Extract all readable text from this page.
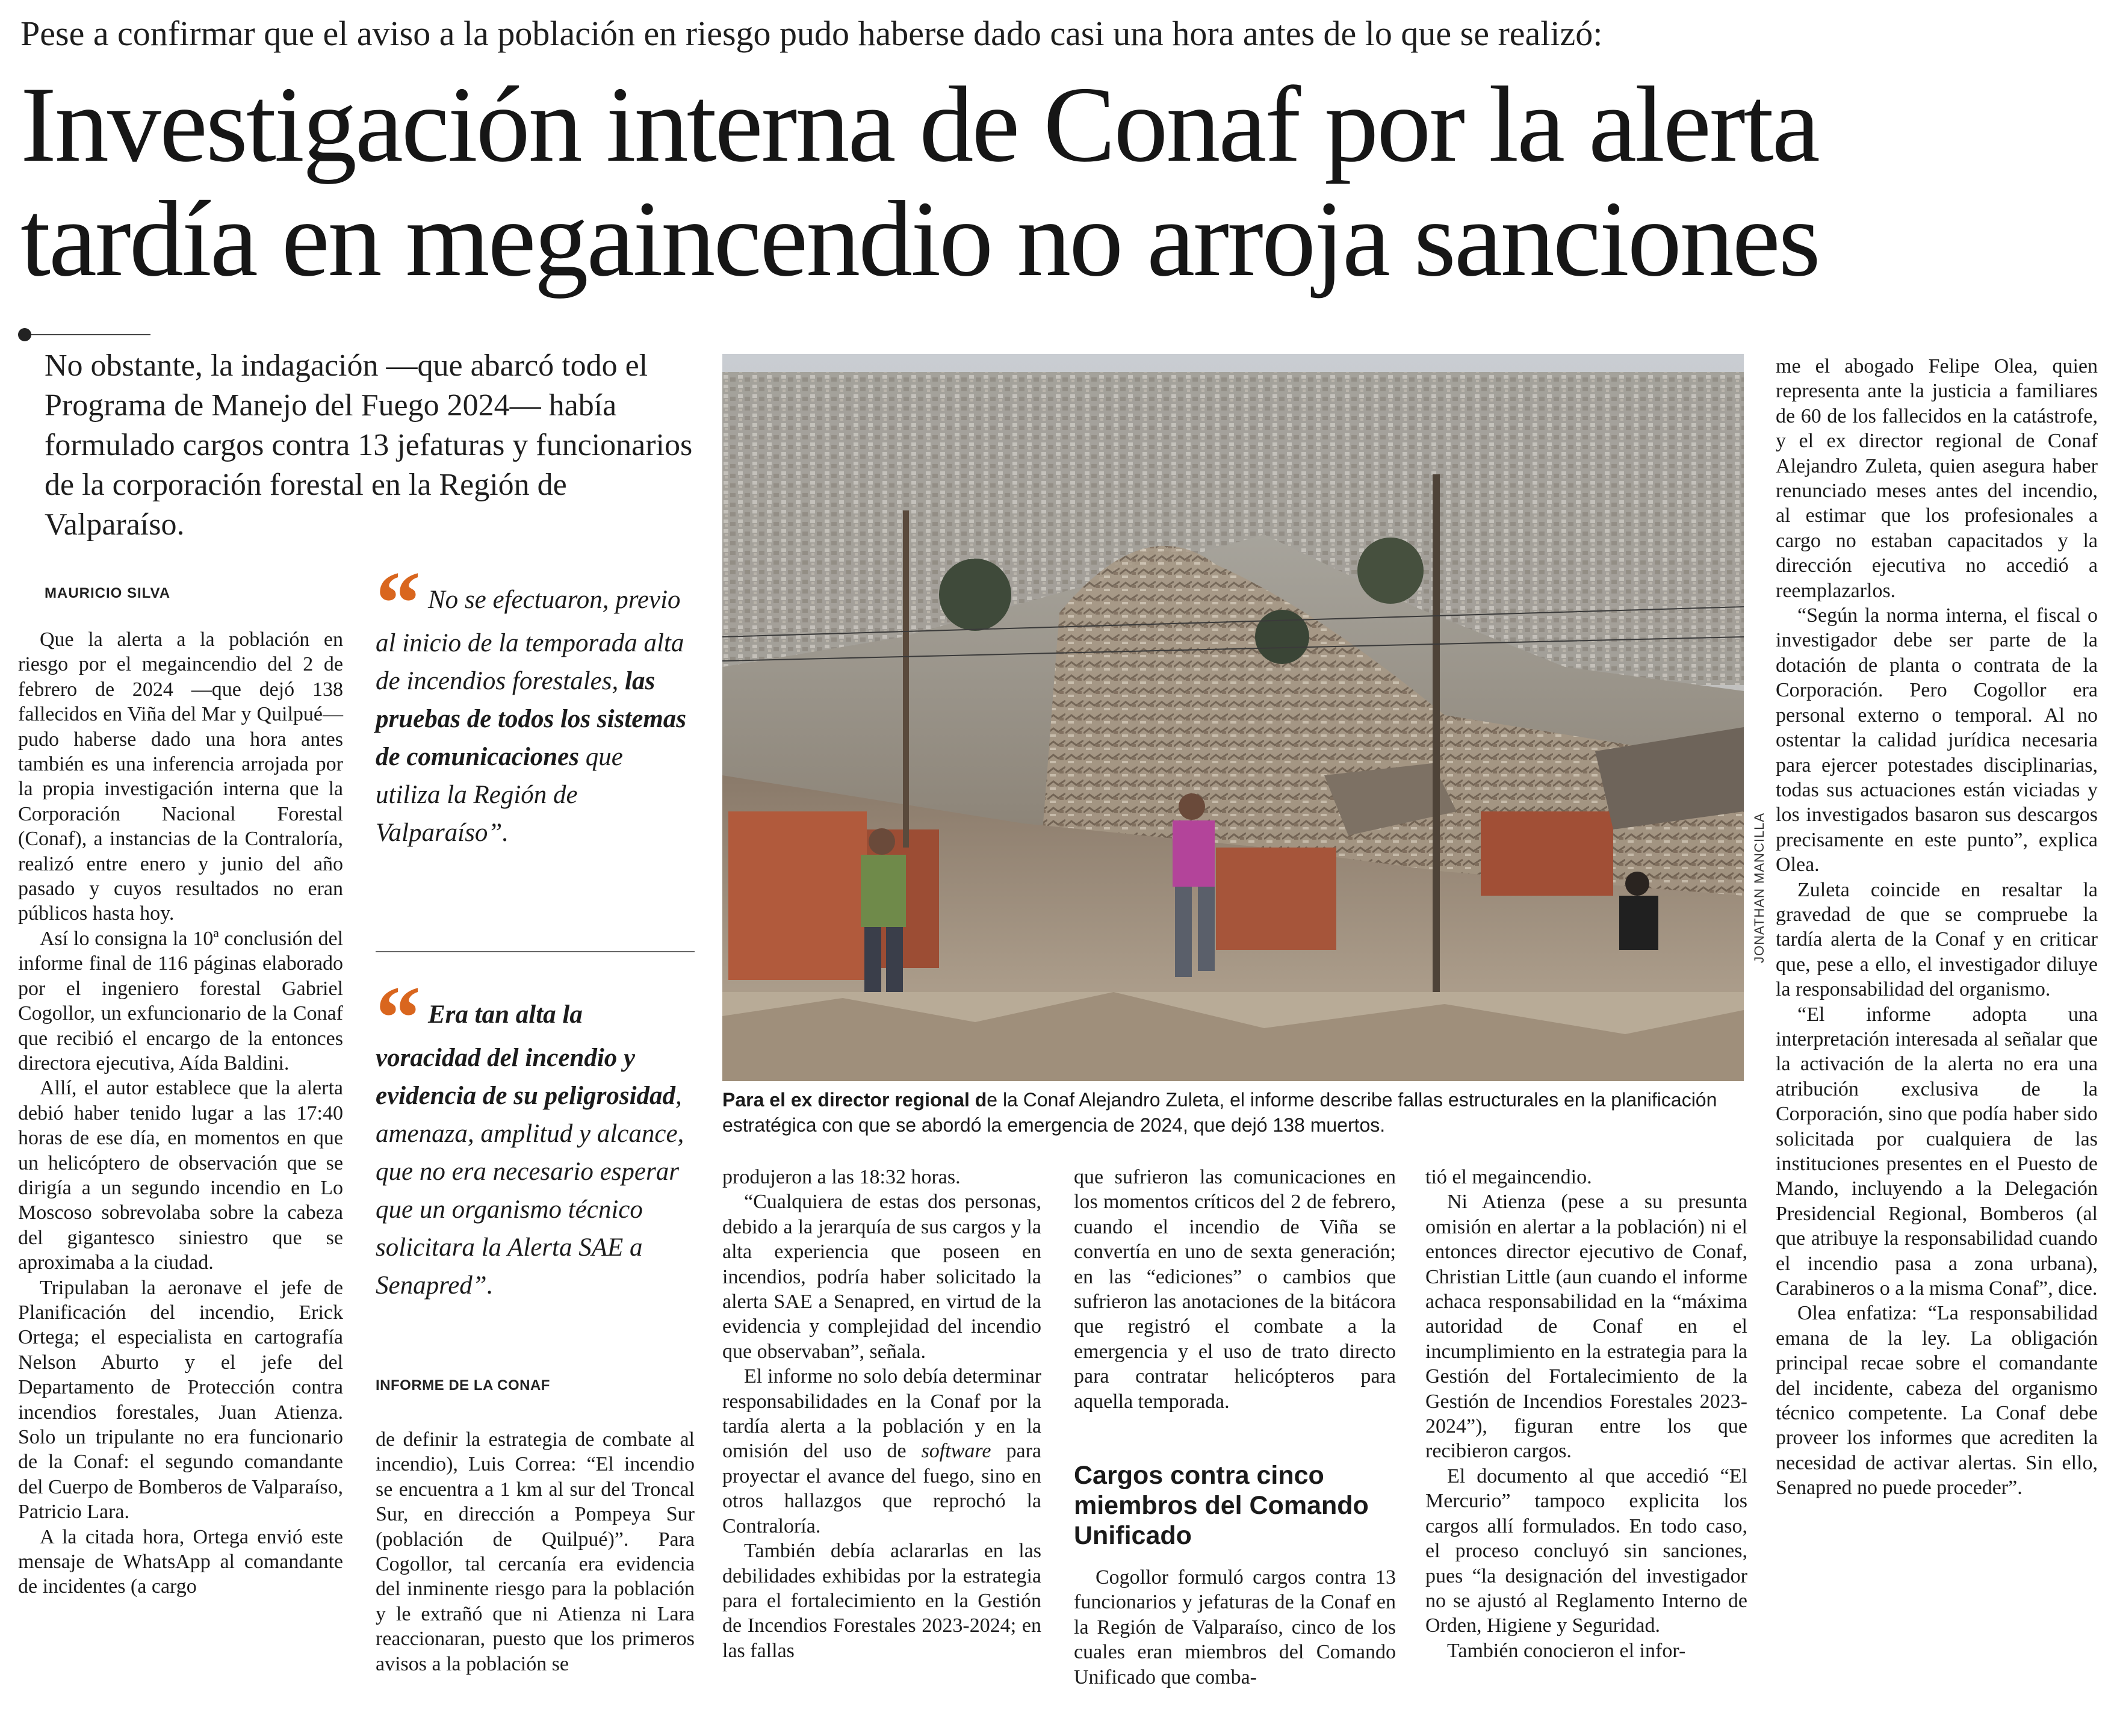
Pese a confirmar que el aviso a la población en riesgo pudo haberse dado casi una hora antes de lo que se realizó:
Investigación interna de Conaf por la alerta
tardía en megaincendio no arroja sanciones
No obstante, la indagación —que abarcó todo el Programa de Manejo del Fuego 2024— había formulado cargos contra 13 jefaturas y funcionarios de la corporación forestal en la Región de Valparaíso.
MAURICIO SILVA

Que la alerta a la población en riesgo por el megaincendio del 2 de febrero de 2024 —que dejó 138 fallecidos en Viña del Mar y Quilpué— pudo haberse dado una hora antes también es una inferencia arrojada por la propia investigación interna que la Corporación Nacional Forestal (Conaf), a instancias de la Contraloría, realizó entre enero y junio del año pasado y cuyos resultados no eran públicos hasta hoy.

Así lo consigna la 10ª conclusión del informe final de 116 páginas elaborado por el ingeniero forestal Gabriel Cogollor, un exfuncionario de la Conaf que recibió el encargo de la entonces directora ejecutiva, Aída Baldini.

Allí, el autor establece que la alerta debió haber tenido lugar a las 17:40 horas de ese día, en momentos en que un helicóptero de observación que se dirigía a un segundo incendio en Lo Moscoso sobrevolaba sobre la cabeza del gigantesco siniestro que se aproximaba a la ciudad.

Tripulaban la aeronave el jefe de Planificación del incendio, Erick Ortega; el especialista en cartografía Nelson Aburto y el jefe del Departamento de Protección contra incendios forestales, Juan Atienza. Solo un tripulante no era funcionario de la Conaf: el segundo comandante del Cuerpo de Bomberos de Valparaíso, Patricio Lara.

A la citada hora, Ortega envió este mensaje de WhatsApp al comandante de incidentes (a cargo

“ No se efectuaron, previo al inicio de la temporada alta de incendios forestales, las pruebas de todos los sistemas de comunicaciones que utiliza la Región de Valparaíso”.
“ Era tan alta la voracidad del incendio y evidencia de su peligrosidad, amenaza, amplitud y alcance, que no era necesario esperar que un organismo técnico solicitara la Alerta SAE a Senapred”.
INFORME DE LA CONAF

de definir la estrategia de combate al incendio), Luis Correa: “El incendio se encuentra a 1 km al sur del Troncal Sur, en dirección a Pompeya Sur (población de Quilpué)”. Para Cogollor, tal cercanía era evidencia del inminente riesgo para la población y le extrañó que ni Atienza ni Lara reaccionaran, puesto que los primeros avisos a la población se

JONATHAN MANCILLA
Para el ex director regional de la Conaf Alejandro Zuleta, el informe describe fallas estructurales en la planificación estratégica con que se abordó la emergencia de 2024, que dejó 138 muertos.

produjeron a las 18:32 horas.

“Cualquiera de estas dos personas, debido a la jerarquía de sus cargos y la alta experiencia que poseen en incendios, podría haber solicitado la alerta SAE a Senapred, en virtud de la evidencia y complejidad del incendio que observaban”, señala.

El informe no solo debía determinar responsabilidades en la Conaf por la tardía alerta a la población y en la omisión del uso de software para proyectar el avance del fuego, sino en otros hallazgos que reprochó la Contraloría.

También debía aclararlas en las debilidades exhibidas por la estrategia para el fortalecimiento en la Gestión de Incendios Forestales 2023-2024; en las fallas

que sufrieron las comunicaciones en los momentos críticos del 2 de febrero, cuando el incendio de Viña se convertía en uno de sexta generación; en las “ediciones” o cambios que sufrieron las anotaciones de la bitácora que registró el combate a la emergencia y el uso de trato directo para contratar helicópteros para aquella temporada.

Cargos contra cinco miembros del Comando Unificado

Cogollor formuló cargos contra 13 funcionarios y jefaturas de la Conaf en la Región de Valparaíso, cinco de los cuales eran miembros del Comando Unificado que comba-

tió el megaincendio.

Ni Atienza (pese a su presunta omisión en alertar a la población) ni el entonces director ejecutivo de Conaf, Christian Little (aun cuando el informe achaca responsabilidad en la “máxima autoridad de Conaf en el incumplimiento en la estrategia para la Gestión del Fortalecimiento de la Gestión de Incendios Forestales 2023-2024”), figuran entre los que recibieron cargos.

El documento al que accedió “El Mercurio” tampoco explicita los cargos allí formulados. En todo caso, el proceso concluyó sin sanciones, pues “la designación del investigador no se ajustó al Reglamento Interno de Orden, Higiene y Seguridad.

También conocieron el infor-

me el abogado Felipe Olea, quien representa ante la justicia a familiares de 60 de los fallecidos en la catástrofe, y el ex director regional de Conaf Alejandro Zuleta, quien asegura haber renunciado meses antes del incendio, al estimar que los profesionales a cargo no estaban capacitados y la dirección ejecutiva no accedió a reemplazarlos.

“Según la norma interna, el fiscal o investigador debe ser parte de la dotación de planta o contrata de la Corporación. Pero Cogollor era personal externo o temporal. Al no ostentar la calidad jurídica necesaria para ejercer potestades disciplinarias, todas sus actuaciones están viciadas y los investigados basaron sus descargos precisamente en este punto”, explica Olea.

Zuleta coincide en resaltar la gravedad de que se compruebe la tardía alerta de la Conaf y en criticar que, pese a ello, el investigador diluye la responsabilidad del organismo.

“El informe adopta una interpretación interesada al señalar que la activación de la alerta no era una atribución exclusiva de la Corporación, sino que podía haber sido solicitada por cualquiera de las instituciones presentes en el Puesto de Mando, incluyendo a la Delegación Presidencial Regional, Bomberos (al que atribuye la responsabilidad cuando el incendio pasa a zona urbana), Carabineros o a la misma Conaf”, dice.

Olea enfatiza: “La responsabilidad emana de la ley. La obligación principal recae sobre el comandante del incidente, cabeza del organismo técnico competente. La Conaf debe proveer los informes que acrediten la necesidad de activar alertas. Sin ello, Senapred no puede proceder”.
